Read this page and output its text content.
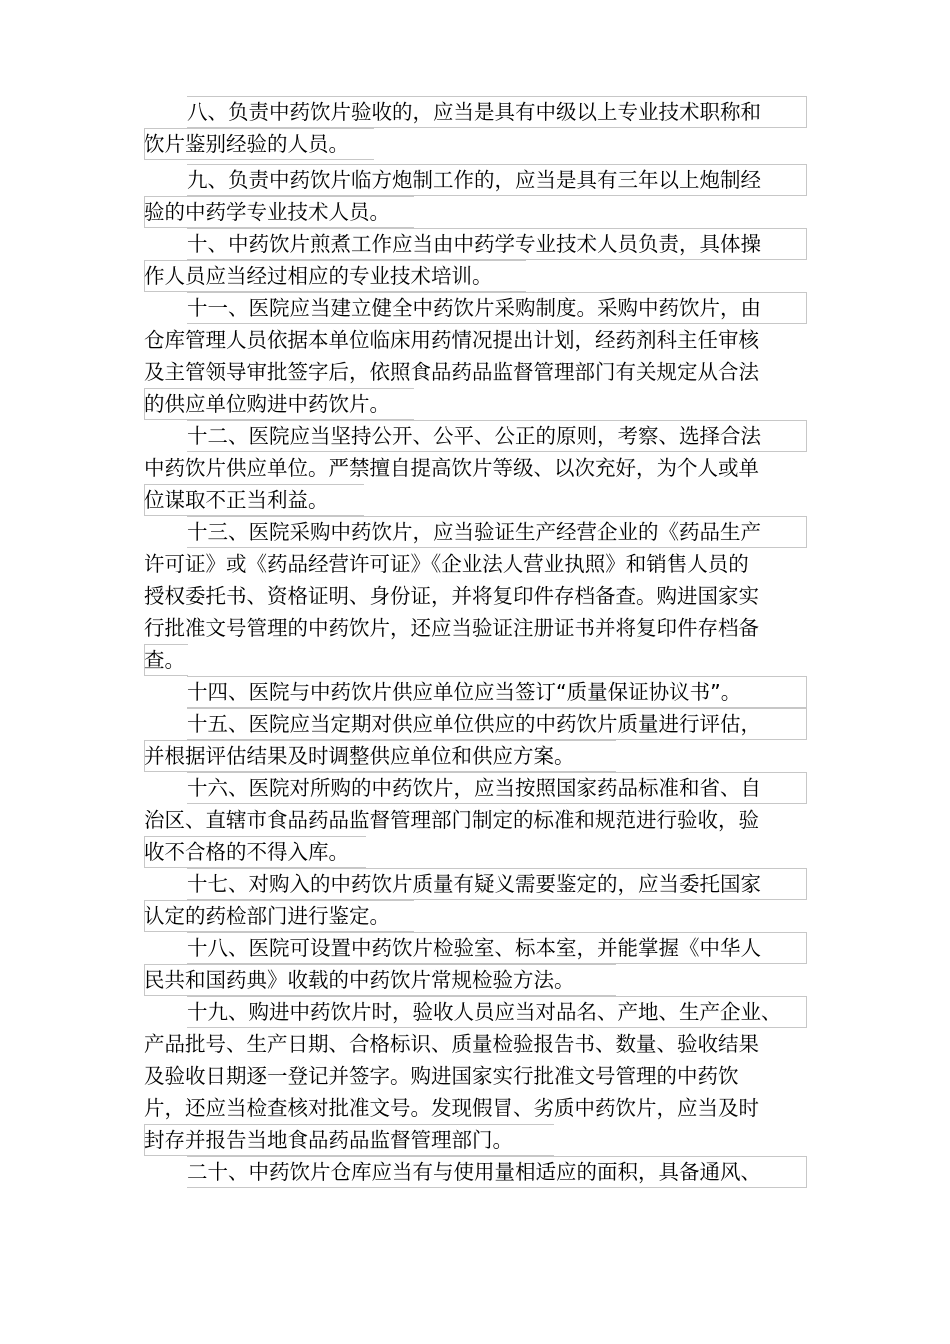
八、负责中药饮片验收的，应当是具有中级以上专业技术职称和
饮片鉴别经验的人员。
九、负责中药饮片临方炮制工作的，应当是具有三年以上炮制经
验的中药学专业技术人员。
十、中药饮片煎煮工作应当由中药学专业技术人员负责，具体操
作人员应当经过相应的专业技术培训。
十一、医院应当建立健全中药饮片采购制度。采购中药饮片，由
仓库管理人员依据本单位临床用药情况提出计划，经药剂科主任审核
及主管领导审批签字后，依照食品药品监督管理部门有关规定从合法
的供应单位购进中药饮片。
十二、医院应当坚持公开、公平、公正的原则，考察、选择合法
中药饮片供应单位。严禁擅自提高饮片等级、以次充好，为个人或单
位谋取不正当利益。
十三、医院采购中药饮片，应当验证生产经营企业的《药品生产
许可证》或《药品经营许可证》《企业法人营业执照》和销售人员的
授权委托书、资格证明、身份证，并将复印件存档备查。购进国家实
行批准文号管理的中药饮片，还应当验证注册证书并将复印件存档备
查。
十四、医院与中药饮片供应单位应当签订“质量保证协议书”。
十五、医院应当定期对供应单位供应的中药饮片质量进行评估，
并根据评估结果及时调整供应单位和供应方案。
十六、医院对所购的中药饮片，应当按照国家药品标准和省、自
治区、直辖市食品药品监督管理部门制定的标准和规范进行验收，验
收不合格的不得入库。
十七、对购入的中药饮片质量有疑义需要鉴定的，应当委托国家
认定的药检部门进行鉴定。
十八、医院可设置中药饮片检验室、标本室，并能掌握《中华人
民共和国药典》收载的中药饮片常规检验方法。
十九、购进中药饮片时，验收人员应当对品名、产地、生产企业、
产品批号、生产日期、合格标识、质量检验报告书、数量、验收结果
及验收日期逐一登记并签字。购进国家实行批准文号管理的中药饮
片，还应当检查核对批准文号。发现假冒、劣质中药饮片，应当及时
封存并报告当地食品药品监督管理部门。
二十、中药饮片仓库应当有与使用量相适应的面积，具备通风、
